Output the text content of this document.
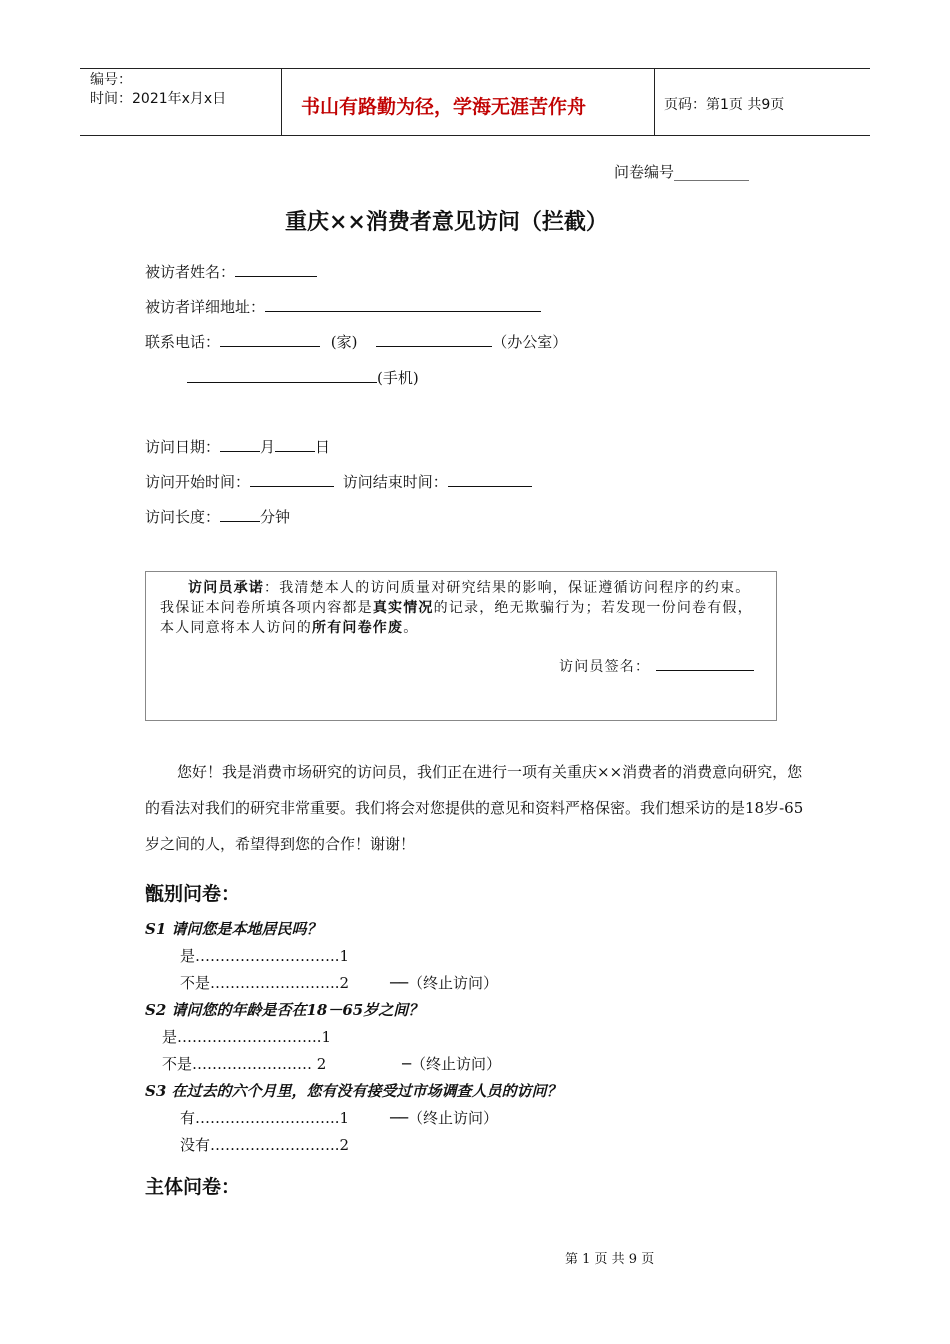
编号：
时间：2021年x月x日	书山有路勤为径，学海无涯苦作舟	页码：第1页 共9页
问卷编号__________
重庆××消费者意见访问（拦截）
被访者姓名：
被访者详细地址：
联系电话：	(家)	（办公室）
(手机)
访问日期：	月	日
访问开始时间：	访问结束时间：
访问长度：	分钟
访问员承诺：我清楚本人的访问质量对研究结果的影响，保证遵循访问程序的约束。我保证本问卷所填各项内容都是真实情况的记录，绝无欺骗行为；若发现一份问卷有假，本人同意将本人访问的所有问卷作废。
访问员签名：
您好！我是消费市场研究的访问员，我们正在进行一项有关重庆××消费者的消费意向研究，您的看法对我们的研究非常重要。我们将会对您提供的意见和资料严格保密。我们想采访的是18岁-65岁之间的人，希望得到您的合作！谢谢！
甑别问卷：
S1 请问您是本地居民吗？
是………………………..1
不是……………………..2	──（终止访问）
S2 请问您的年龄是否在18－65岁之间？
是………………………..1
不是…………………… 2	─（终止访问）
S3 在过去的六个月里，您有没有接受过市场调查人员的访问？
有………………………..1	──（终止访问）
没有……………………..2
主体问卷：
第 1 页 共 9 页
